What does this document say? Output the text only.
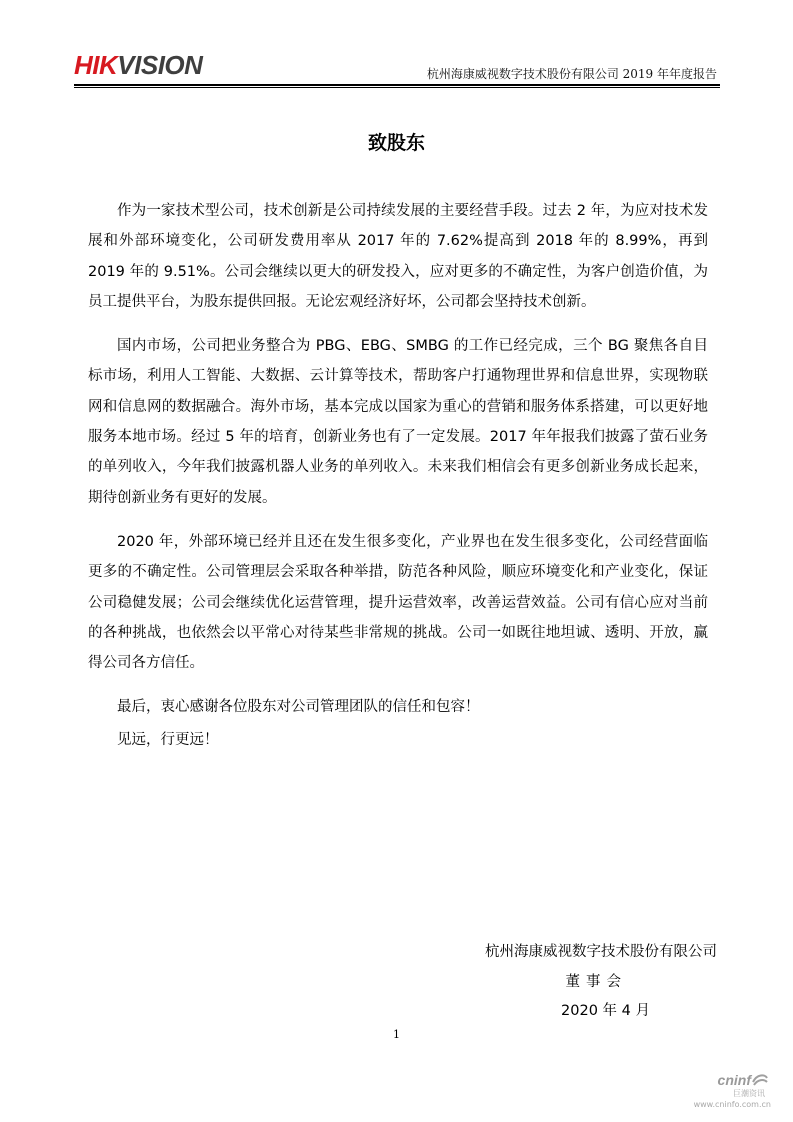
HIKVISION	杭州海康威视数字技术股份有限公司 2019 年年度报告
致股东

作为一家技术型公司，技术创新是公司持续发展的主要经营手段。过去 2 年，为应对技术发展和外部环境变化，公司研发费用率从 2017 年的 7.62%提高到 2018 年的 8.99%，再到 2019 年的 9.51%。公司会继续以更大的研发投入，应对更多的不确定性，为客户创造价值，为员工提供平台，为股东提供回报。无论宏观经济好坏，公司都会坚持技术创新。

国内市场，公司把业务整合为 PBG、EBG、SMBG 的工作已经完成，三个 BG 聚焦各自目标市场，利用人工智能、大数据、云计算等技术，帮助客户打通物理世界和信息世界，实现物联网和信息网的数据融合。海外市场，基本完成以国家为重心的营销和服务体系搭建，可以更好地服务本地市场。经过 5 年的培育，创新业务也有了一定发展。2017 年年报我们披露了萤石业务的单列收入，今年我们披露机器人业务的单列收入。未来我们相信会有更多创新业务成长起来，期待创新业务有更好的发展。

2020 年，外部环境已经并且还在发生很多变化，产业界也在发生很多变化，公司经营面临更多的不确定性。公司管理层会采取各种举措，防范各种风险，顺应环境变化和产业变化，保证公司稳健发展；公司会继续优化运营管理，提升运营效率，改善运营效益。公司有信心应对当前的各种挑战，也依然会以平常心对待某些非常规的挑战。公司一如既往地坦诚、透明、开放，赢得公司各方信任。

最后，衷心感谢各位股东对公司管理团队的信任和包容！

见远，行更远！

杭州海康威视数字技术股份有限公司
董事会
2020 年 4 月
1
cninf
巨潮资讯
www.cninfo.com.cn
